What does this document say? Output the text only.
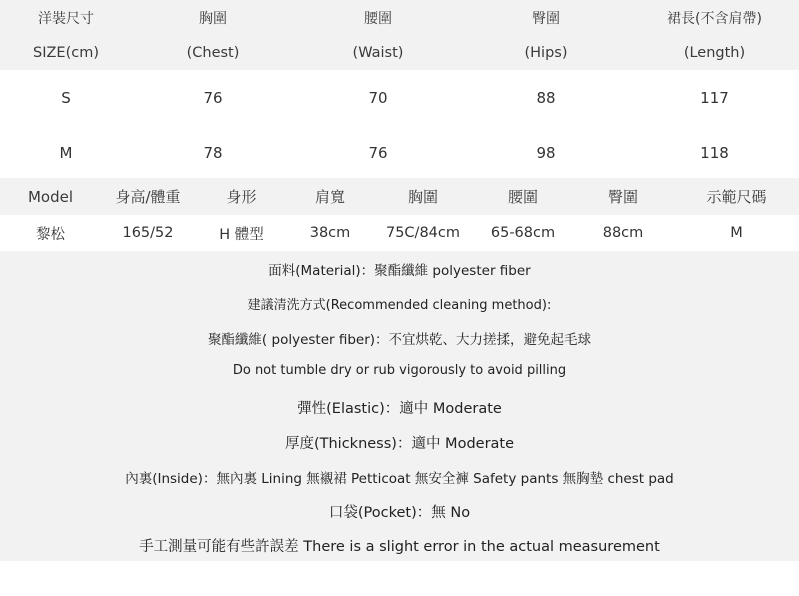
洋裝尺寸	胸圍	腰圍	臀圍	裙長(不含肩帶)
SIZE(cm)	(Chest)	(Waist)	(Hips)	(Length)
S	76	70	88	117
M	78	76	98	118
Model	身高/體重	身形	肩寬	胸圍	腰圍	臀圍	示範尺碼
黎松	165/52	H 體型	38cm	75C/84cm	65-68cm	88cm	M
面料(Material)：聚酯纖維 polyester fiber
建議清洗方式(Recommended cleaning method):
聚酯纖維( polyester fiber)：不宜烘乾、大力搓揉，避免起毛球
Do not tumble dry or rub vigorously to avoid pilling
彈性(Elastic)：適中 Moderate
厚度(Thickness)：適中 Moderate
內裏(Inside)：無內裏 Lining 無襯裙 Petticoat 無安全褲 Safety pants 無胸墊 chest pad
口袋(Pocket)：無 No
手工測量可能有些許誤差 There is a slight error in the actual measurement
